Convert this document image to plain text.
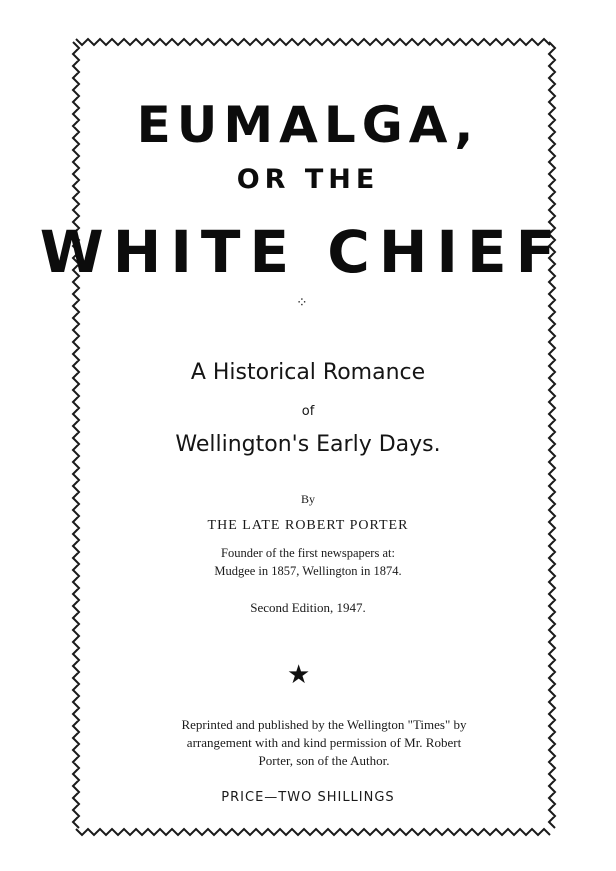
EUMALGA,
OR THE
WHITE CHIEF
⁘
A Historical Romance
of
Wellington's Early Days.
By
THE LATE ROBERT PORTER
Founder of the first newspapers at:
Mudgee in 1857, Wellington in 1874.
Second Edition, 1947.
★
Reprinted and published by the Wellington "Times" by
arrangement with and kind permission of Mr. Robert
Porter, son of the Author.
PRICE—TWO SHILLINGS
